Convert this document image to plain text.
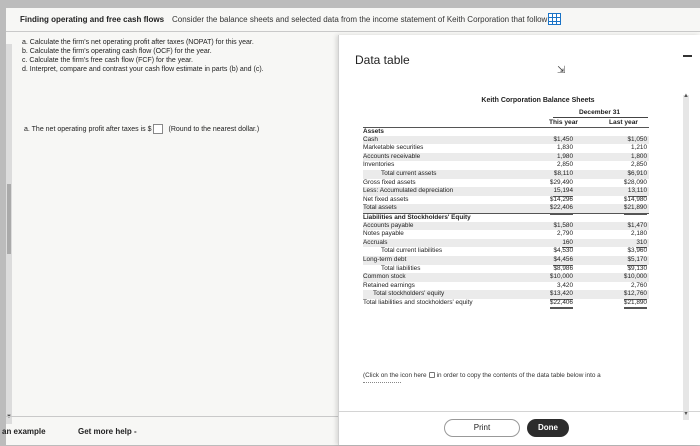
Finding operating and free cash flows Consider the balance sheets and selected data from the income statement of Keith Corporation that follow
a. Calculate the firm's net operating profit after taxes (NOPAT) for this year.
b. Calculate the firm's operating cash flow (OCF) for the year.
c. Calculate the firm's free cash flow (FCF) for the year.
d. Interpret, compare and contrast your cash flow estimate in parts (b) and (c).
▼
a. The net operating profit after taxes is $ (Round to the nearest dollar.)
an example	Get more help -
Data table
⇲
Keith Corporation Balance Sheets
December 31
This year	Last year
Assets
Cash	$1,450	$1,050
Marketable securities	1,830	1,210
Accounts receivable	1,980	1,800
Inventories	2,850	2,850
Total current assets	$8,110	$6,910
Gross fixed assets	$29,490	$28,090
Less: Accumulated depreciation	15,194	13,110
Net fixed assets	$14,296	$14,980
Total assets	$22,406	$21,890
Liabilities and Stockholders' Equity
Accounts payable	$1,580	$1,470
Notes payable	2,790	2,180
Accruals	160	310
Total current liabilities	$4,530	$3,960
Long-term debt	$4,456	$5,170
Total liabilities	$8,986	$9,130
Common stock	$10,000	$10,000
Retained earnings	3,420	2,760
Total stockholders' equity	$13,420	$12,760
Total liabilities and stockholders' equity	$22,406	$21,890
(Click on the icon here in order to copy the contents of the data table below into a
▲
▼
Print	Done
